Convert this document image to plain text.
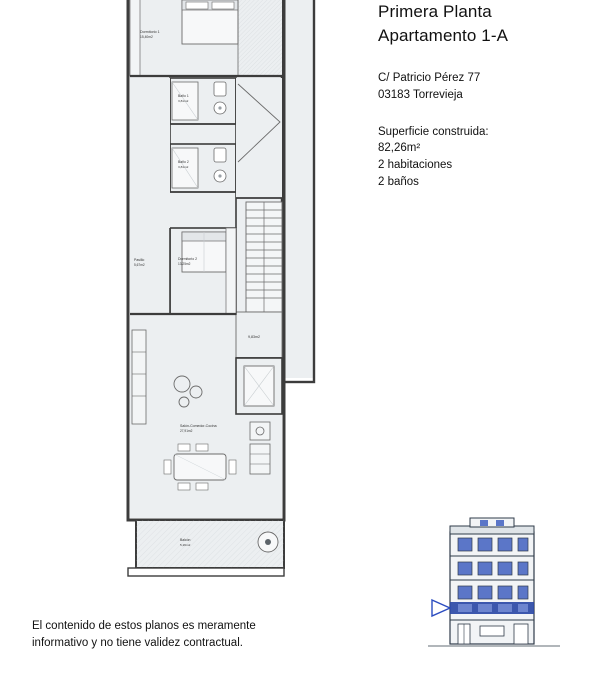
Dormitorio 1
15,40m2
Baño 1
3,81m2
Baño 2
3,81m2
9,83m2
Dormitorio 2
13,25m2
Pasillo
5,67m2
Salón-Comedor-Cocina
27,91m2
Balcón
5,26m2
Primera Planta
Apartamento 1-A
C/ Patricio Pérez 77
03183 Torrevieja
Superficie construida:
82,26m²
2 habitaciones
2 baños
El contenido de estos planos es meramente
informativo y no tiene validez contractual.
